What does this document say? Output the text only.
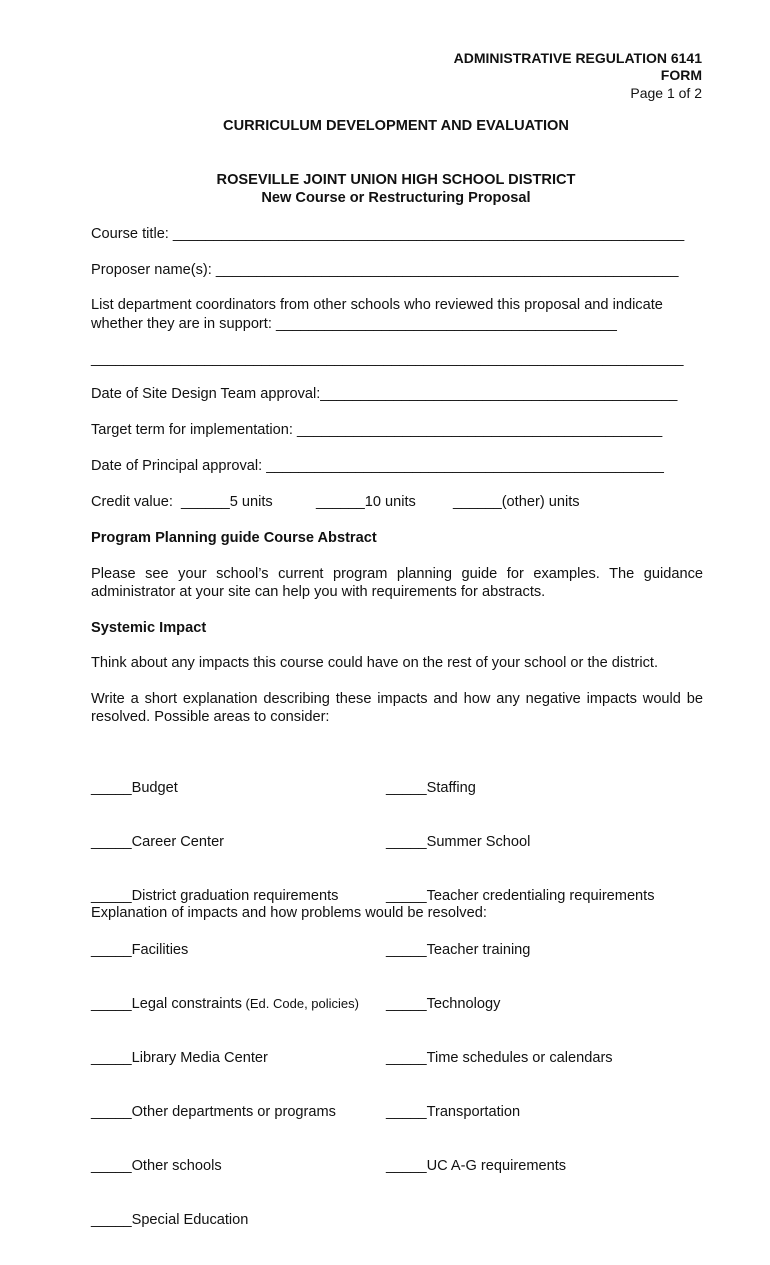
ADMINISTRATIVE REGULATION 6141
FORM
Page 1 of 2
CURRICULUM DEVELOPMENT AND EVALUATION
ROSEVILLE JOINT UNION HIGH SCHOOL DISTRICT
New Course or Restructuring Proposal
Course title: _______________________________________________________________
Proposer name(s): _________________________________________________________
List department coordinators from other schools who reviewed this proposal and indicate
whether they are in support: __________________________________________
_________________________________________________________________________
Date of Site Design Team approval:____________________________________________
Target term for implementation: _____________________________________________
Date of Principal approval: _________________________________________________
Credit value:  ______5 units	______10 units	______(other) units
Program Planning guide Course Abstract
Please see your school’s current program planning guide for examples. The guidance administrator at your site can help you with requirements for abstracts.
Systemic Impact
Think about any impacts this course could have on the rest of your school or the district.
Write a short explanation describing these impacts and how any negative impacts would be resolved. Possible areas to consider:

_____Budget

_____Career Center

_____District graduation requirements

_____Facilities

_____Legal constraints (Ed. Code, policies)

_____Library Media Center

_____Other departments or programs

_____Other schools

_____Special Education

_____Staffing

_____Summer School

_____Teacher credentialing requirements

_____Teacher training

_____Technology

_____Time schedules or calendars

_____Transportation

_____UC A-G requirements

Explanation of impacts and how problems would be resolved:
